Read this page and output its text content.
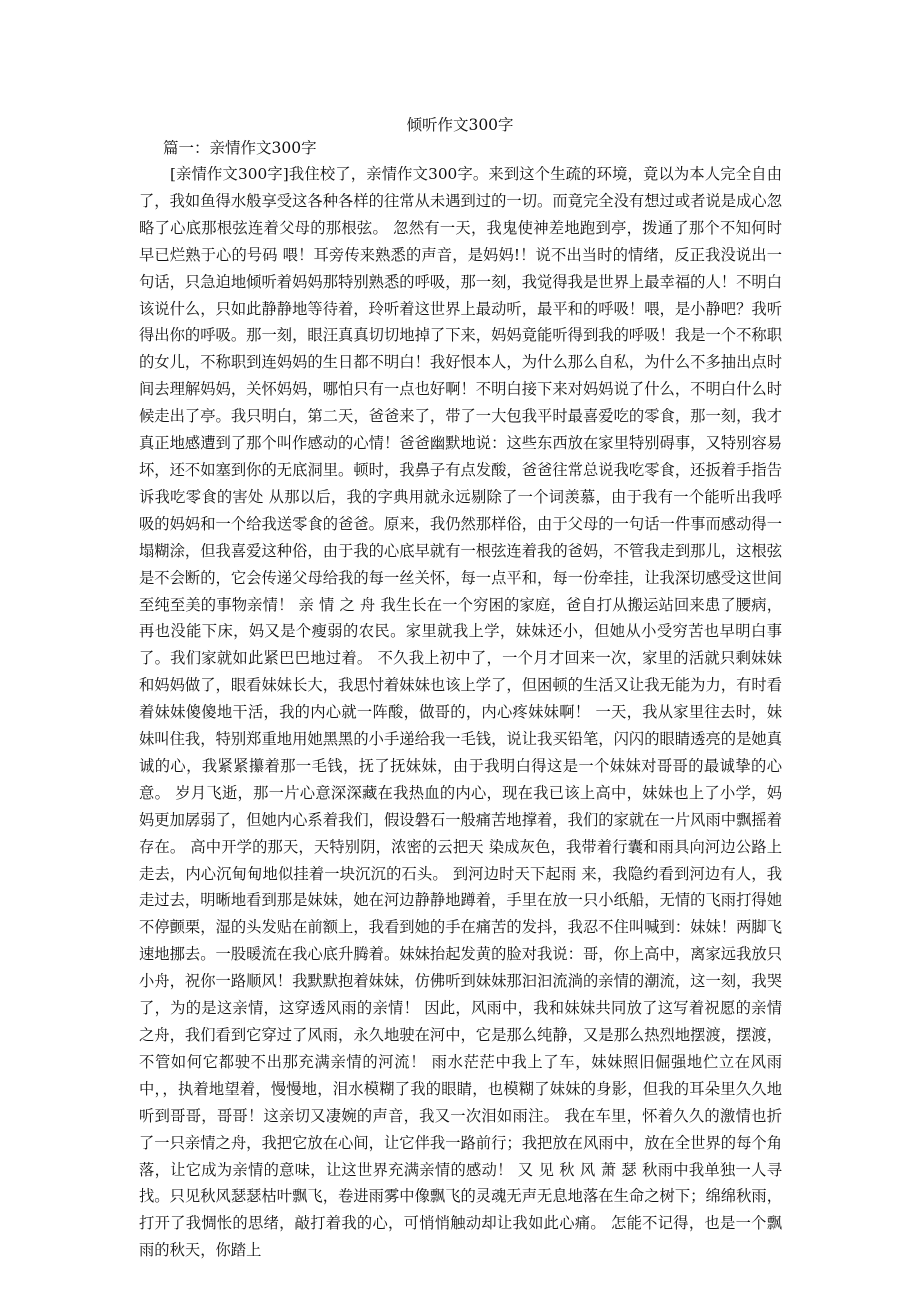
倾听作文300字
篇一：亲情作文300字

[亲情作文300字]我住校了，亲情作文300字。来到这个生疏的环境，竟以为本人完全自由了，我如鱼得水般享受这各种各样的往常从未遇到过的一切。而竟完全没有想过或者说是成心忽略了心底那根弦连着父母的那根弦。 忽然有一天，我鬼使神差地跑到亭，拨通了那个不知何时早已烂熟于心的号码 喂！耳旁传来熟悉的声音，是妈妈!！说不出当时的情绪，反正我没说出一句话，只急迫地倾听着妈妈那特别熟悉的呼吸，那一刻，我觉得我是世界上最幸福的人！不明白该说什么，只如此静静地等待着，玲听着这世界上最动听，最平和的呼吸！喂，是小静吧？我听得出你的呼吸。那一刻，眼汪真真切切地掉了下来，妈妈竟能听得到我的呼吸！我是一个不称职的女儿，不称职到连妈妈的生日都不明白！我好恨本人，为什么那么自私，为什么不多抽出点时间去理解妈妈，关怀妈妈，哪怕只有一点也好啊！不明白接下来对妈妈说了什么，不明白什么时候走出了亭。我只明白，第二天，爸爸来了，带了一大包我平时最喜爱吃的零食，那一刻，我才真正地感遭到了那个叫作感动的心情！爸爸幽默地说：这些东西放在家里特别碍事，又特别容易坏，还不如塞到你的无底洞里。顿时，我鼻子有点发酸，爸爸往常总说我吃零食，还扳着手指告诉我吃零食的害处 从那以后，我的字典用就永远剔除了一个词羡慕，由于我有一个能听出我呼吸的妈妈和一个给我送零食的爸爸。原来，我仍然那样俗，由于父母的一句话一件事而感动得一塌糊涂，但我喜爱这种俗，由于我的心底早就有一根弦连着我的爸妈，不管我走到那儿，这根弦是不会断的，它会传递父母给我的每一丝关怀，每一点平和，每一份牵挂，让我深切感受这世间至纯至美的事物亲情！ 亲 情 之 舟 我生长在一个穷困的家庭，爸自打从搬运站回来患了腰病，再也没能下床，妈又是个瘦弱的农民。家里就我上学，妹妹还小，但她从小受穷苦也早明白事了。我们家就如此紧巴巴地过着。 不久我上初中了，一个月才回来一次，家里的活就只剩妹妹和妈妈做了，眼看妹妹长大，我思忖着妹妹也该上学了，但困顿的生活又让我无能为力，有时看着妹妹傻傻地干活，我的内心就一阵酸，做哥的，内心疼妹妹啊！ 一天，我从家里往去时，妹妹叫住我，特别郑重地用她黑黑的小手递给我一毛钱，说让我买铅笔，闪闪的眼睛透亮的是她真诚的心，我紧紧攥着那一毛钱，抚了抚妹妹，由于我明白得这是一个妹妹对哥哥的最诚挚的心意。 岁月飞逝，那一片心意深深藏在我热血的内心，现在我已该上高中，妹妹也上了小学，妈妈更加孱弱了，但她内心系着我们，假设磐石一般痛苦地撑着，我们的家就在一片风雨中飘摇着存在。 高中开学的那天，天特别阴，浓密的云把天 染成灰色，我带着行囊和雨具向河边公路上走去，内心沉甸甸地似挂着一块沉沉的石头。 到河边时天下起雨 来，我隐约看到河边有人，我走过去，明晰地看到那是妹妹，她在河边静静地蹲着，手里在放一只小纸船，无情的飞雨打得她不停颤栗，湿的头发贴在前额上，我看到她的手在痛苦的发抖，我忍不住叫喊到：妹妹！两脚飞速地挪去。一股暖流在我心底升腾着。妹妹抬起发黄的脸对我说：哥，你上高中，离家远我放只小舟，祝你一路顺风！我默默抱着妹妹，仿佛听到妹妹那汩汩流淌的亲情的潮流，这一刻，我哭了，为的是这亲情，这穿透风雨的亲情！ 因此，风雨中，我和妹妹共同放了这写着祝愿的亲情之舟，我们看到它穿过了风雨，永久地驶在河中，它是那么纯静，又是那么热烈地摆渡，摆渡，不管如何它都驶不出那充满亲情的河流！ 雨水茫茫中我上了车，妹妹照旧倔强地伫立在风雨中，，执着地望着，慢慢地，泪水模糊了我的眼睛，也模糊了妹妹的身影，但我的耳朵里久久地听到哥哥，哥哥！这亲切又凄婉的声音，我又一次泪如雨注。 我在车里，怀着久久的激情也折了一只亲情之舟，我把它放在心间，让它伴我一路前行；我把放在风雨中，放在全世界的每个角落，让它成为亲情的意味，让这世界充满亲情的感动！ 又 见 秋 风 萧 瑟 秋雨中我单独一人寻找。只见秋风瑟瑟枯叶飘飞，卷进雨雾中像飘飞的灵魂无声无息地落在生命之树下；绵绵秋雨，打开了我惆怅的思绪，敲打着我的心，可悄悄触动却让我如此心痛。 怎能不记得，也是一个飘雨的秋天，你踏上
